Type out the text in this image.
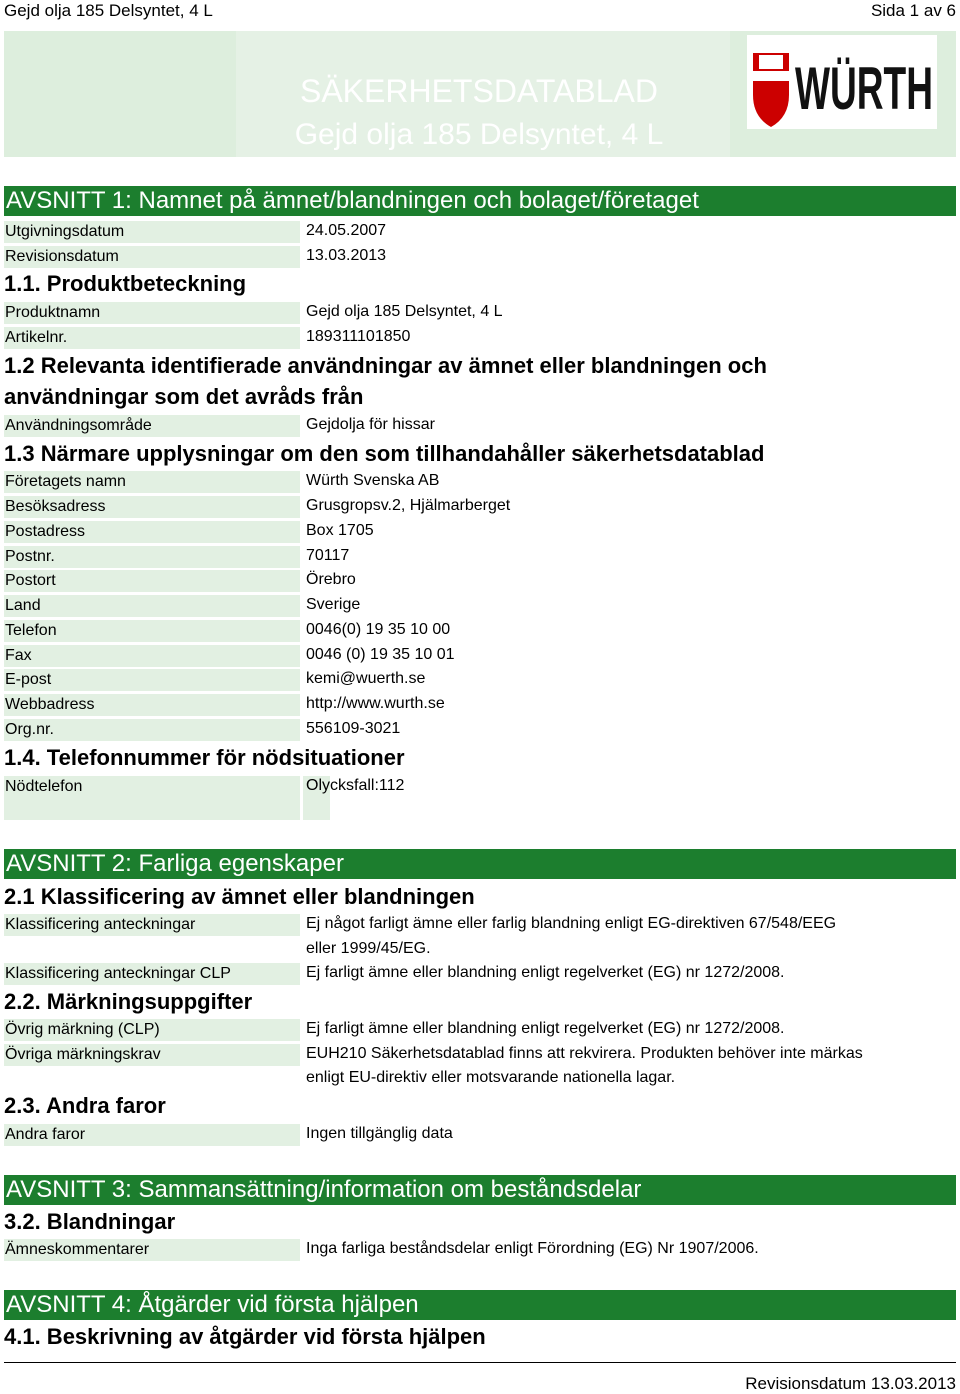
Gejd olja 185 Delsyntet, 4 L	Sida 1 av 6
SÄKERHETSDATABLAD
Gejd olja 185 Delsyntet, 4 L
WÜRTH
AVSNITT 1: Namnet på ämnet/blandningen och bolaget/företaget
Utgivningsdatum	24.05.2007
Revisionsdatum	13.03.2013
1.1. Produktbeteckning
Produktnamn	Gejd olja 185 Delsyntet, 4 L
Artikelnr.	189311101850
1.2 Relevanta identifierade användningar av ämnet eller blandningen och
användningar som det avråds från
Användningsområde	Gejdolja för hissar
1.3 Närmare upplysningar om den som tillhandahåller säkerhetsdatablad
Företagets namn	Würth Svenska AB
Besöksadress	Grusgropsv.2, Hjälmarberget
Postadress	Box 1705
Postnr.	70117
Postort	Örebro
Land	Sverige
Telefon	0046(0) 19 35 10 00
Fax	0046 (0) 19 35 10 01
E-post	kemi@wuerth.se
Webbadress	http://www.wurth.se
Org.nr.	556109-3021
1.4. Telefonnummer för nödsituationer
Nödtelefon	Olycksfall:112
AVSNITT 2: Farliga egenskaper
2.1 Klassificering av ämnet eller blandningen
Klassificering anteckningar	Ej något farligt ämne eller farlig blandning enligt EG-direktiven 67/548/EEG
eller 1999/45/EG.
Klassificering anteckningar CLP	Ej farligt ämne eller blandning enligt regelverket (EG) nr 1272/2008.
2.2. Märkningsuppgifter
Övrig märkning (CLP)	Ej farligt ämne eller blandning enligt regelverket (EG) nr 1272/2008.
Övriga märkningskrav	EUH210 Säkerhetsdatablad finns att rekvirera. Produkten behöver inte märkas
enligt EU-direktiv eller motsvarande nationella lagar.
2.3. Andra faror
Andra faror	Ingen tillgänglig data
AVSNITT 3: Sammansättning/information om beståndsdelar
3.2. Blandningar
Ämneskommentarer	Inga farliga beståndsdelar enligt Förordning (EG) Nr 1907/2006.
AVSNITT 4: Åtgärder vid första hjälpen
4.1. Beskrivning av åtgärder vid första hjälpen
Revisionsdatum 13.03.2013
